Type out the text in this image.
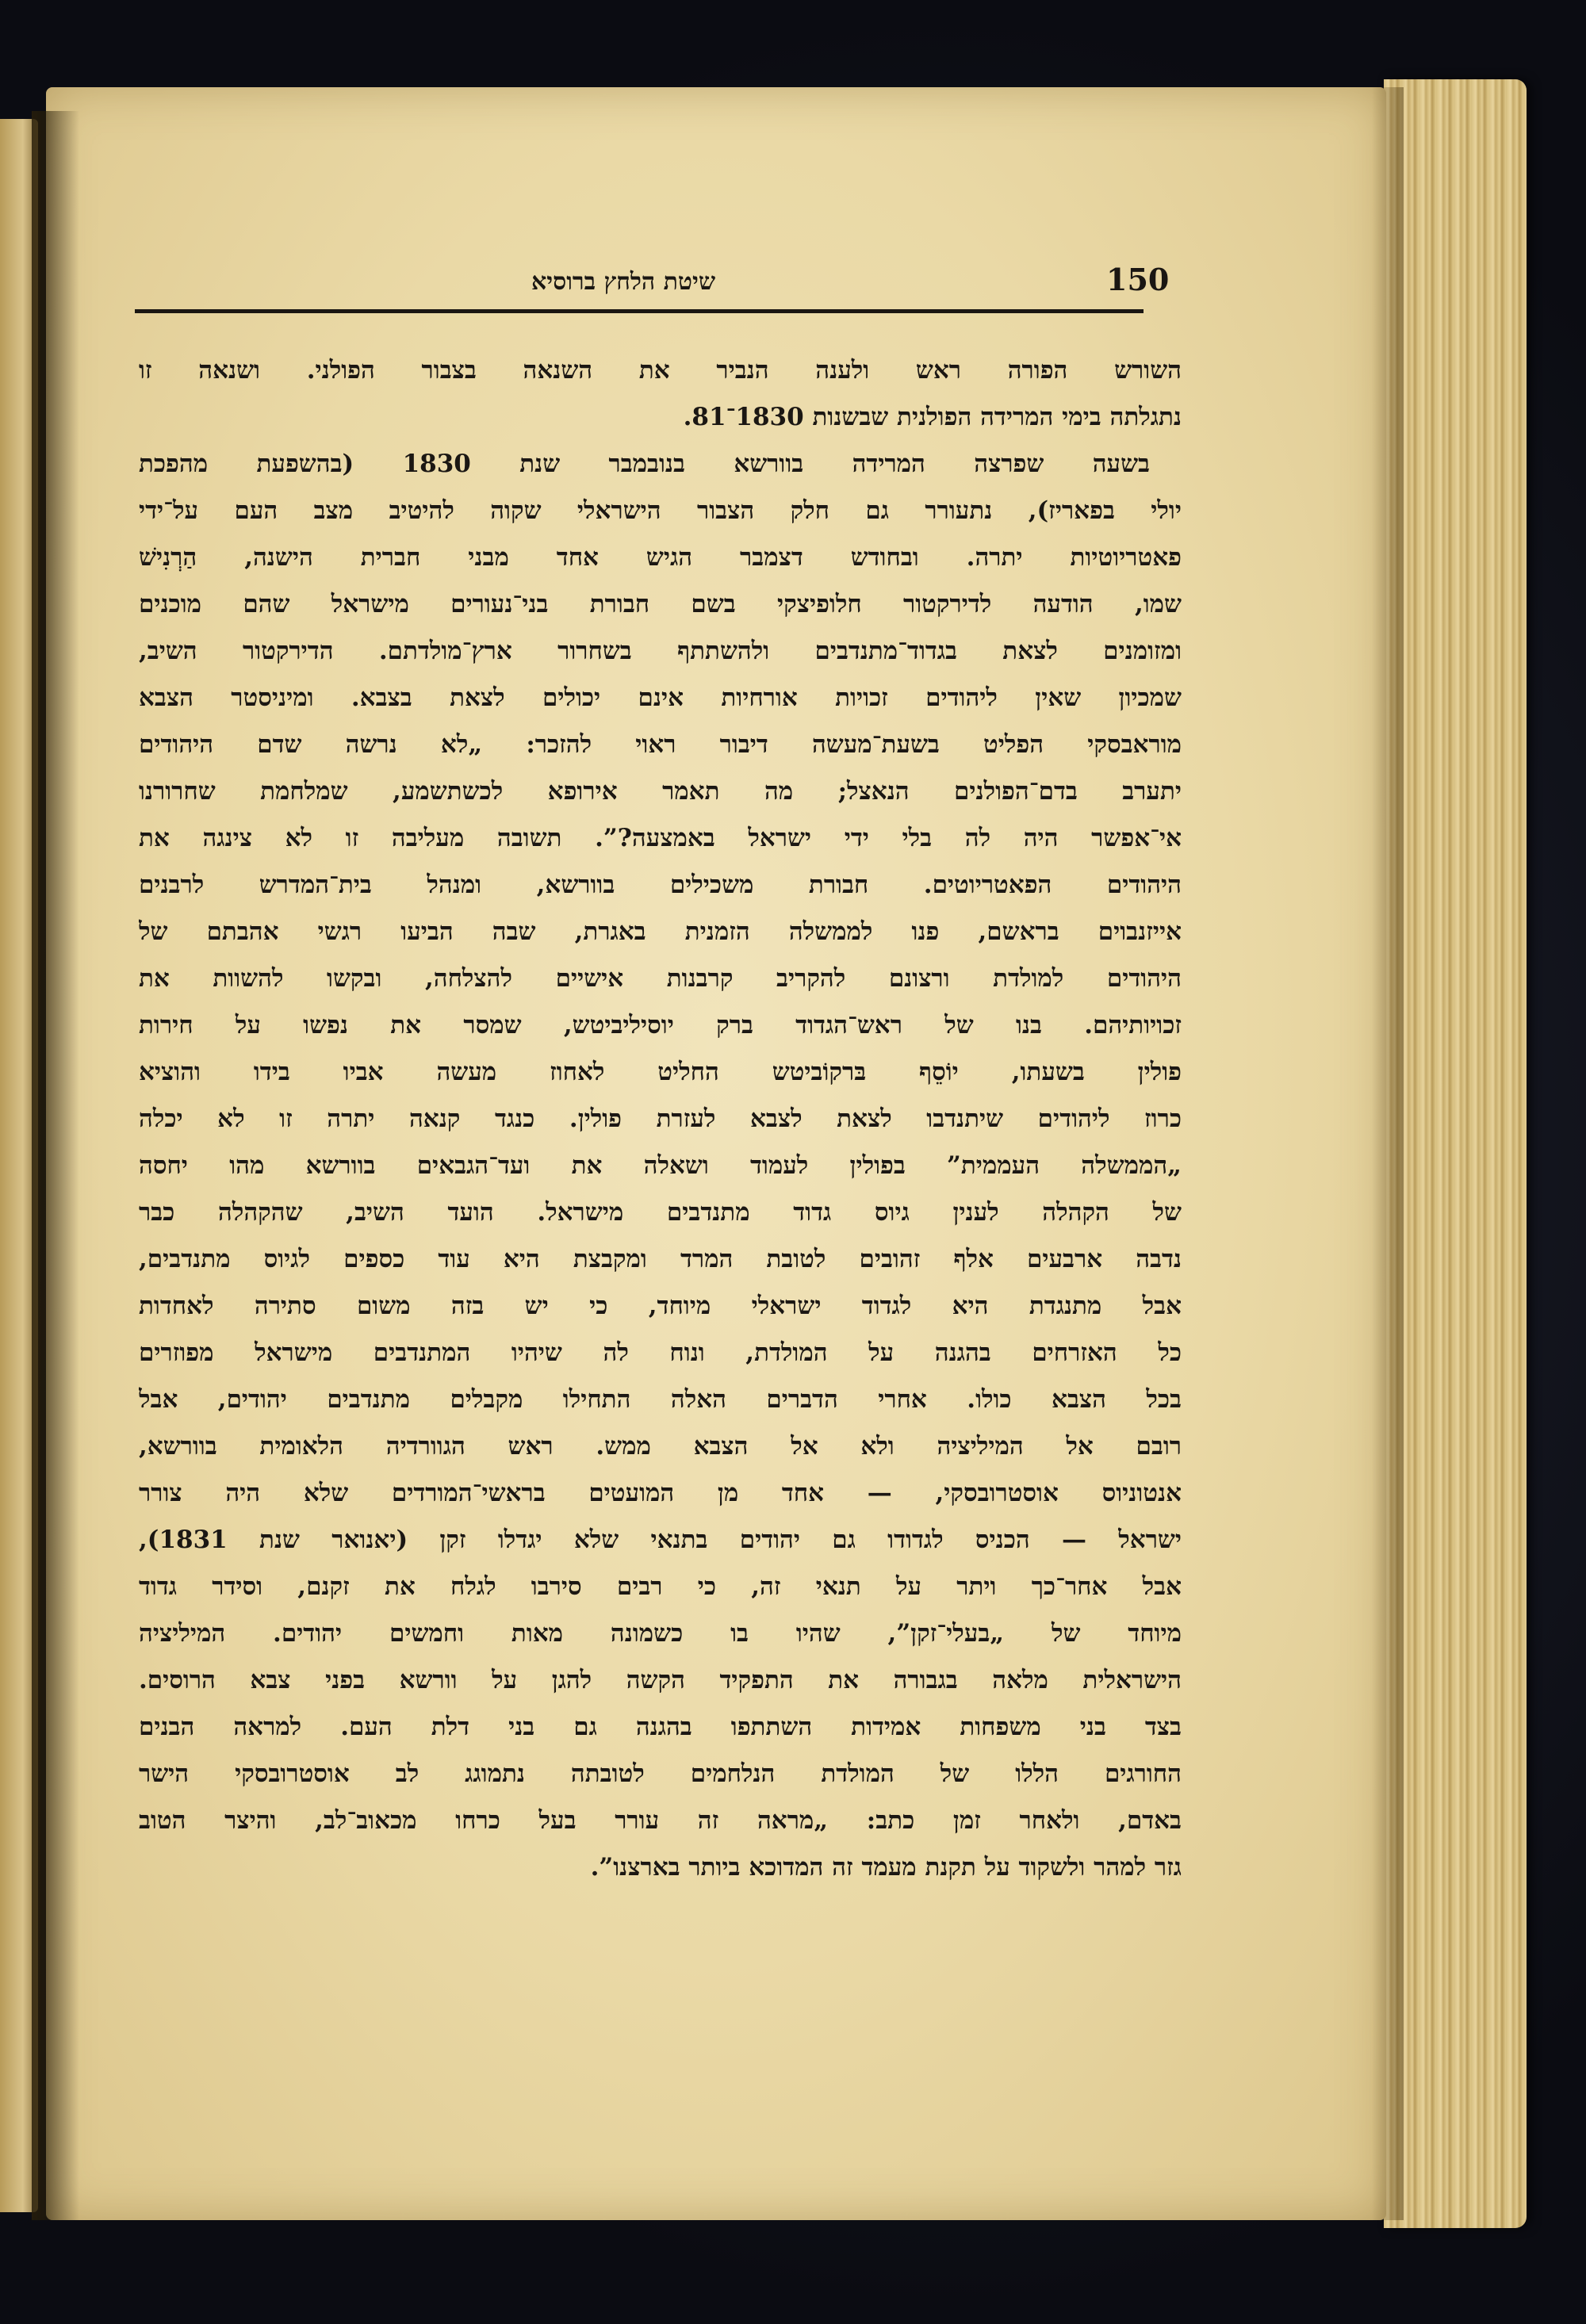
שיטת הלחץ ברוסיא	150
השורש הפורה ראש ולענה הנביר את השנאה בצבור הפולני. ושנאה זו
נתגלתה בימי המרידה הפולנית שבשנות 1830־81.
בשעה שפרצה המרידה בוורשא בנובמבר שנת 1830 (בהשפעת מהפכת
יולי בפאריז), נתעורר גם חלק הצבור הישראלי שקוה להיטיב מצב העם על־ידי
פאטריוטיות יתרה. ובחודש דצמבר הגיש אחד מבני חברית הישנה, הַרְנִישׁ
שמו, הודעה לדירקטור חלופיצקי בשם חבורת בני־נעורים מישראל שהם מוכנים
ומזומנים לצאת בגדוד־מתנדבים ולהשתתף בשחרור ארץ־מולדתם. הדירקטור השיב,
שמכיון שאין ליהודים זכויות אורחיות אינם יכולים לצאת בצבא. ומיניסטר הצבא
מוראבסקי הפליט בשעת־מעשה דיבור ראוי להזכר: „לא נרשה שדם היהודים
יתערב בדם־הפולנים הנאצל; מה תאמר אירופא לכשתשמע, שמלחמת שחרורנו
אי־אפשר היה לה בלי ידי ישראל באמצעה?”. תשובה מעליבה זו לא צינגה את
היהודים הפאטריוטים. חבורת משכילים בוורשא, ומנהל בית־המדרש לרבנים
אייזנבוים בראשם, פנו לממשלה הזמנית באגרת, שבה הביעו רגשי אהבתם של
היהודים למולדת ורצונם להקריב קרבנות אישיים להצלחה, ובקשו להשוות את
זכויותיהם. בנו של ראש־הגדוד ברק יוסיליביטש, שמסר את נפשו על חירות
פולין בשעתו, יוֹסֵף בּרקוֹביטש החליט לאחוז מעשה אביו בידו והוציא
כרוז ליהודים שיתנדבו לצאת לצבא לעזרת פולין. כנגד קנאה יתרה זו לא יכלה
„הממשלה העממית” בפולין לעמוד ושאלה את ועד־הגבאים בוורשא מהו יחסה
של הקהלה לענין גיוס גדוד מתנדבים מישראל. הועד השיב, שהקהלה כבר
נדבה ארבעים אלף זהובים לטובת המרד ומקבצת היא עוד כספים לגיוס מתנדבים,
אבל מתנגדת היא לגדוד ישראלי מיוחד, כי יש בזה משום סתירה לאחדות
כל האזרחים בהגנה על המולדת, ונוח לה שיהיו המתנדבים מישראל מפוזרים
בכל הצבא כולו. אחרי הדברים האלה התחילו מקבלים מתנדבים יהודים, אבל
רובם אל המיליציה ולא אל הצבא ממש. ראש הגוורדיה הלאומית בוורשא,
אנטוניוס אוסטרובסקי, — אחד מן המועטים בראשי־המורדים שלא היה צורר
ישראל — הכניס לגדודו גם יהודים בתנאי שלא יגדלו זקן (יאנואר שנת 1831),
אבל אחר־כך ויתר על תנאי זה, כי רבים סירבו לגלח את זקנם, וסידר גדוד
מיוחד של „בעלי־זקן”, שהיו בו כשמונה מאות וחמשים יהודים. המיליציה
הישראלית מלאה בגבורה את התפקיד הקשה להגן על וורשא בפני צבא הרוסים.
בצד בני משפחות אמידות השתתפו בהגנה גם בני דלת העם. למראה הבנים
החורגים הללו של המולדת הנלחמים לטובתה נתמוגג לב אוסטרובסקי הישר
באדם, ולאחר זמן כתב: „מראה זה עורר בעל כרחו מכאוב־לב, והיצר הטוב
גזר למהר ולשקוד על תקנת מעמד זה המדוכא ביותר בארצנו”.
